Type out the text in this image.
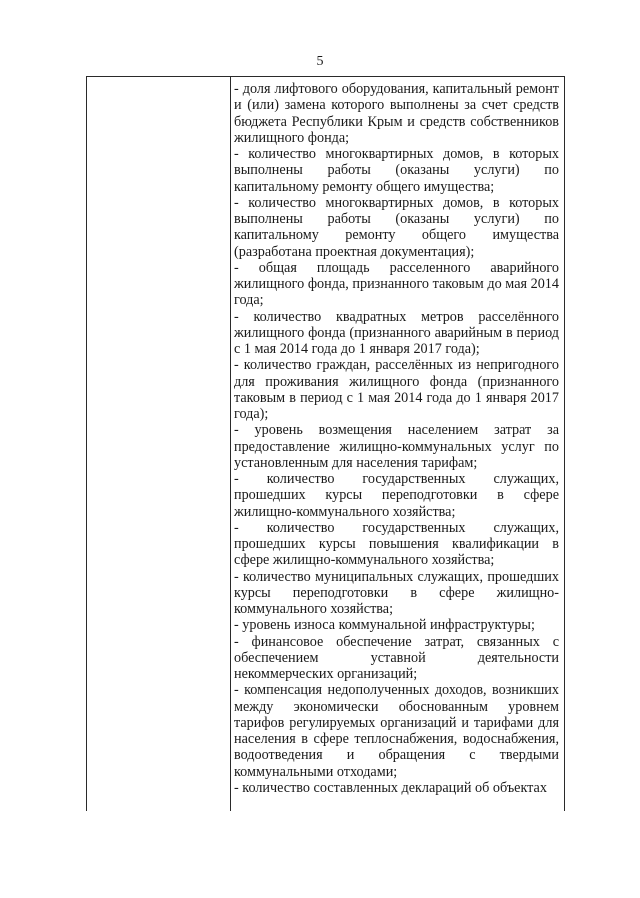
5

- доля лифтового оборудования, капитальный ремонт и (или) замена которого выполнены за счет средств бюджета Республики Крым и средств собственников жилищного фонда;

- количество многоквартирных домов, в которых выполнены работы (оказаны услуги) по капитальному ремонту общего имущества;

- количество многоквартирных домов, в которых выполнены работы (оказаны услуги) по капитальному ремонту общего имущества (разработана проектная документация);

- общая площадь расселенного аварийного жилищного фонда, признанного таковым до мая 2014 года;

- количество квадратных метров расселённого жилищного фонда (признанного аварийным в период с 1 мая 2014 года до 1 января 2017 года);

- количество граждан, расселённых из непригодного для проживания жилищного фонда (признанного таковым в период с 1 мая 2014 года до 1 января 2017 года);

- уровень возмещения населением затрат за предоставление жилищно-коммунальных услуг по установленным для населения тарифам;

- количество государственных служащих, прошедших курсы переподготовки в сфере жилищно-коммунального хозяйства;

- количество государственных служащих, прошедших курсы повышения квалификации в сфере жилищно-коммунального хозяйства;

- количество муниципальных служащих, прошедших курсы переподготовки в сфере жилищно-коммунального хозяйства;

- уровень износа коммунальной инфраструктуры;

- финансовое обеспечение затрат, связанных с обеспечением уставной деятельности некоммерческих организаций;

- компенсация недополученных доходов, возникших между экономически обоснованным уровнем тарифов регулируемых организаций и тарифами для населения в сфере теплоснабжения, водоснабжения, водоотведения и обращения с твердыми коммунальными отходами;

- количество составленных деклараций об объектах
